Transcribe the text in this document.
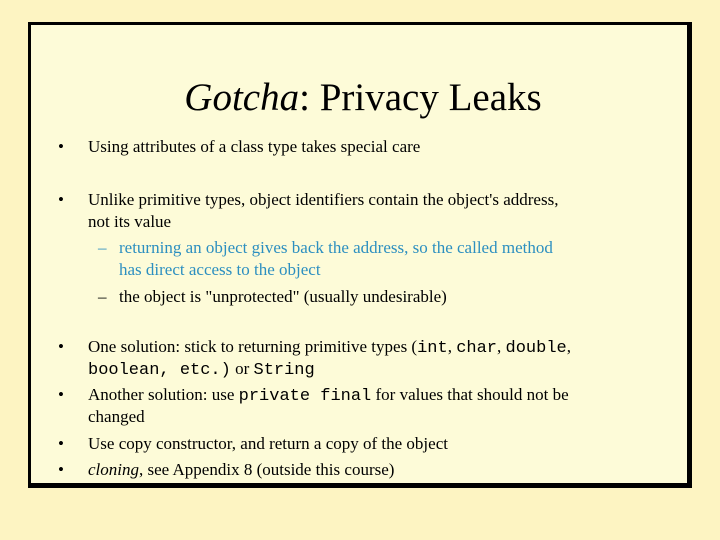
Gotcha: Privacy Leaks
• Using attributes of a class type takes special care
• Unlike primitive types, object identifiers contain the object's address,
not its value
– returning an object gives back the address, so the called method
has direct access to the object
– the object is "unprotected" (usually undesirable)
• One solution: stick to returning primitive types (int, char, double,
boolean, etc.) or String
• Another solution: use private final for values that should not be
changed
• Use copy constructor, and return a copy of the object
• cloning, see Appendix 8 (outside this course)
